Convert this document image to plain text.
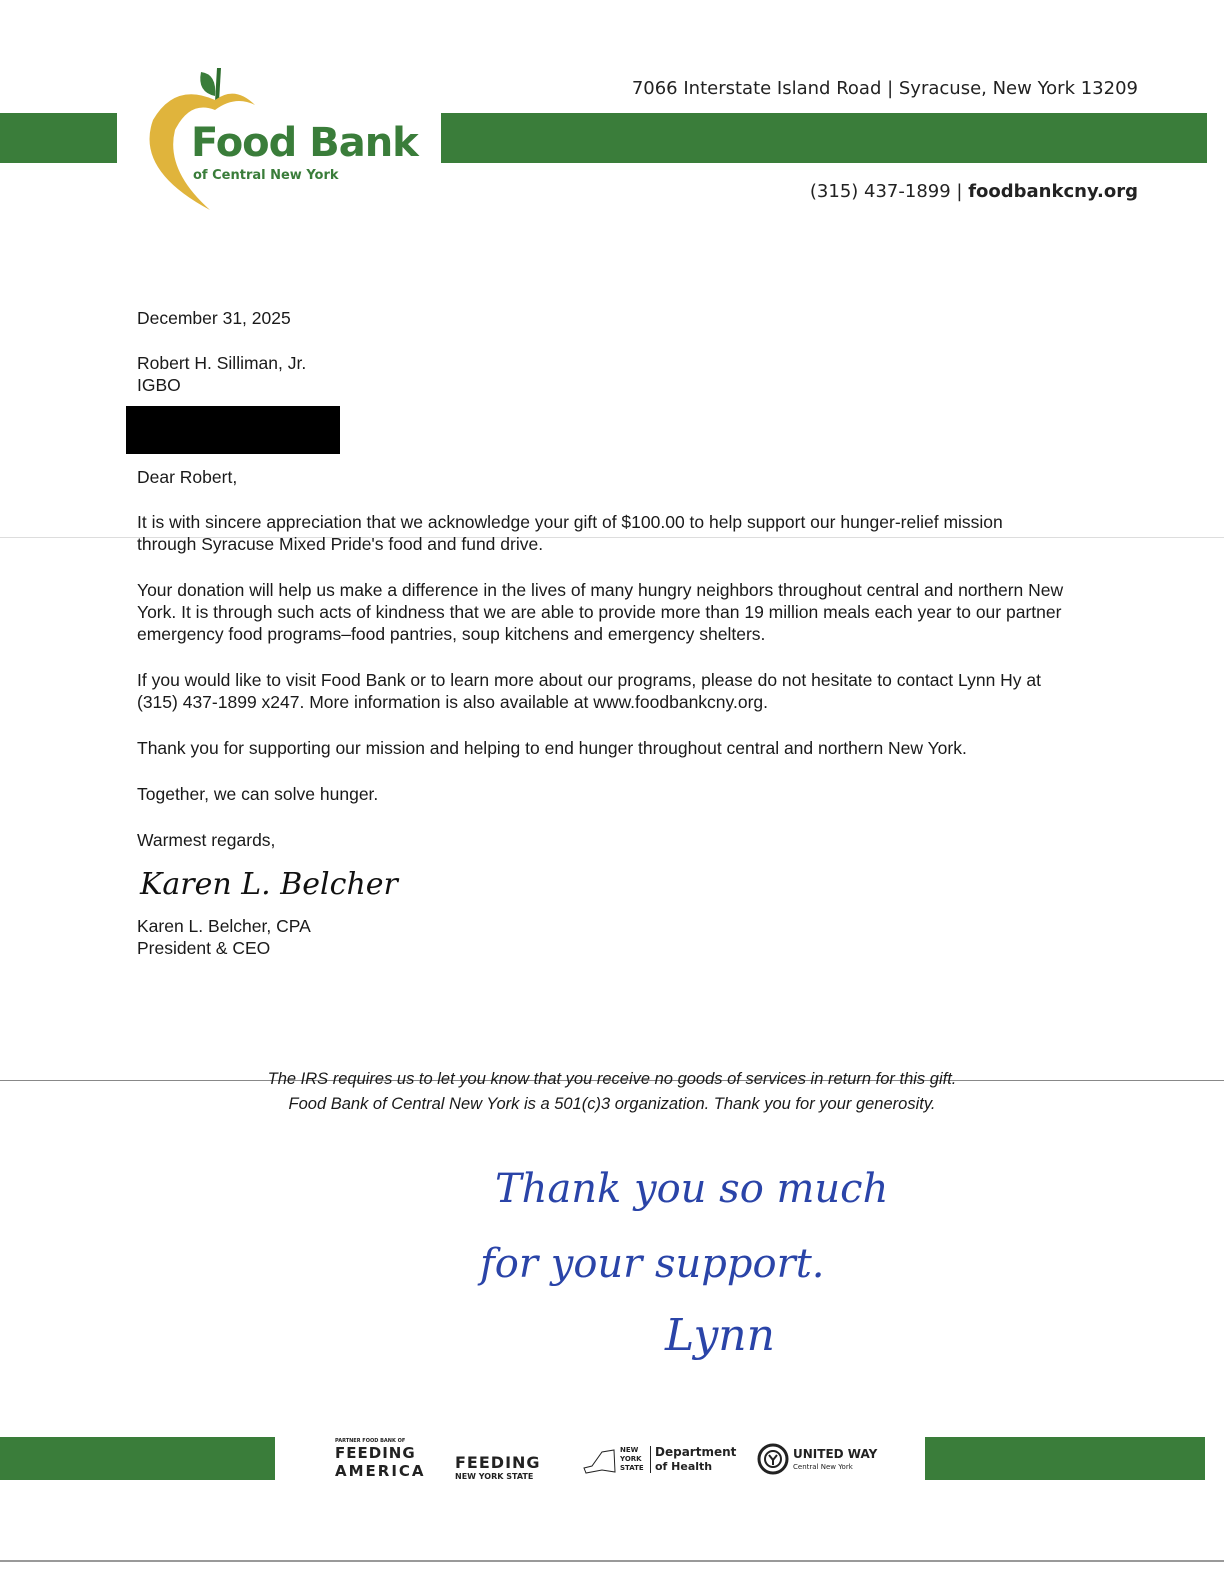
Food Bank
of Central New York
7066 Interstate Island Road | Syracuse, New York 13209
(315) 437-1899 | foodbankcny.org
December 31, 2025
Robert H. Silliman, Jr.
IGBO
Dear Robert,
It is with sincere appreciation that we acknowledge your gift of $100.00 to help support our hunger-relief mission through Syracuse Mixed Pride's food and fund drive.
Your donation will help us make a difference in the lives of many hungry neighbors throughout central and northern New York. It is through such acts of kindness that we are able to provide more than 19 million meals each year to our partner emergency food programs–food pantries, soup kitchens and emergency shelters.
If you would like to visit Food Bank or to learn more about our programs, please do not hesitate to contact Lynn Hy at (315) 437-1899 x247. More information is also available at www.foodbankcny.org.
Thank you for supporting our mission and helping to end hunger throughout central and northern New York.
Together, we can solve hunger.
Warmest regards,
Karen L. Belcher
Karen L. Belcher, CPA
President & CEO
The IRS requires us to let you know that you receive no goods of services in return for this gift.
Food Bank of Central New York is a 501(c)3 organization. Thank you for your generosity.
Thank you so much
for your support.
Lynn
PARTNER FOOD BANK OF
FEEDING
AMERICA FEEDING
NEW YORK STATE
NEW YORK STATE
Department
of Health
UNITED WAY
Central New York
